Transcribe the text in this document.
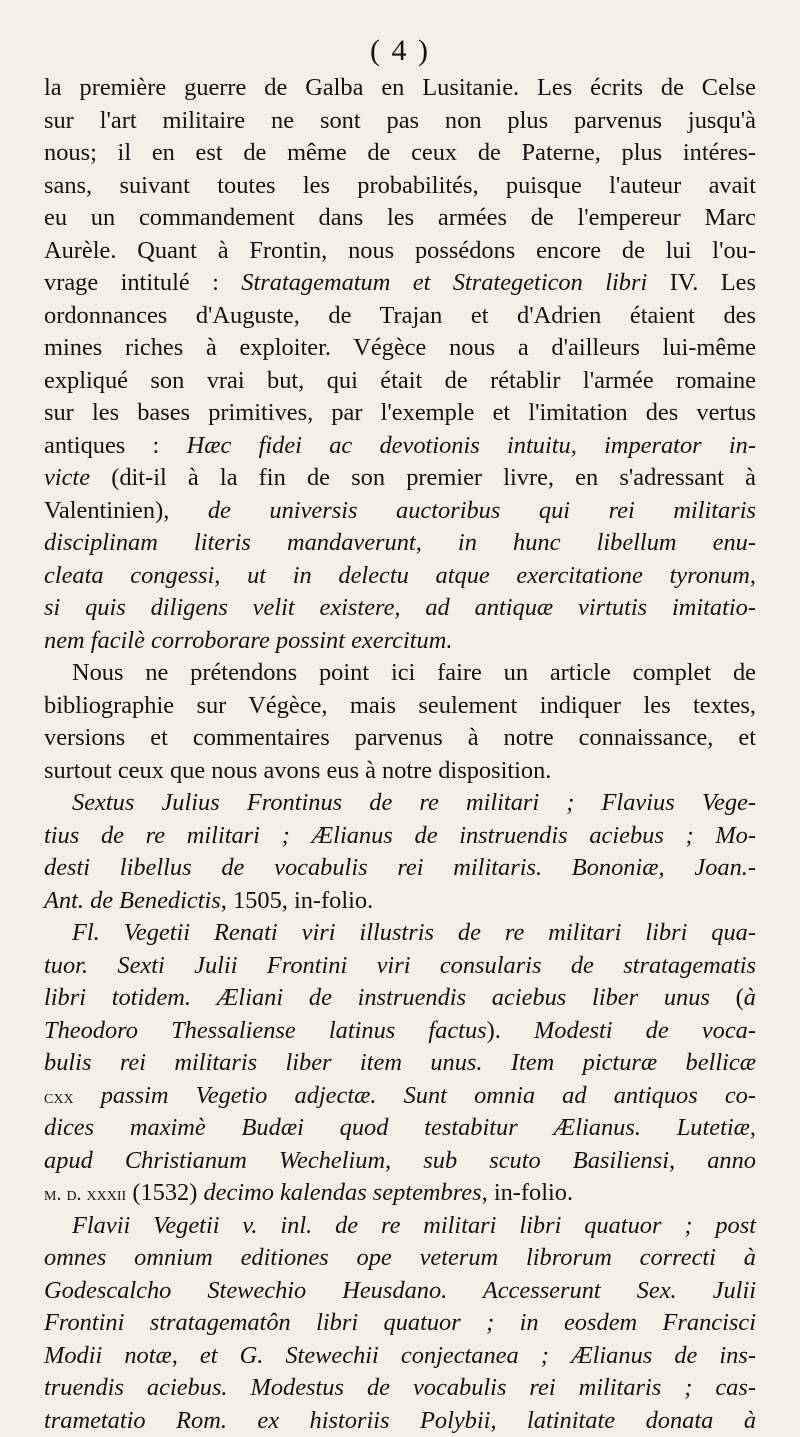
( 4 )
la première guerre de Galba en Lusitanie. Les écrits de Celse
sur l'art militaire ne sont pas non plus parvenus jusqu'à
nous; il en est de même de ceux de Paterne, plus intéres-
sans, suivant toutes les probabilités, puisque l'auteur avait
eu un commandement dans les armées de l'empereur Marc
Aurèle. Quant à Frontin, nous possédons encore de lui l'ou-
vrage intitulé : Stratagematum et Strategeticon libri IV. Les
ordonnances d'Auguste, de Trajan et d'Adrien étaient des
mines riches à exploiter. Végèce nous a d'ailleurs lui-même
expliqué son vrai but, qui était de rétablir l'armée romaine
sur les bases primitives, par l'exemple et l'imitation des vertus
antiques : Hæc fidei ac devotionis intuitu, imperator in-
victe (dit-il à la fin de son premier livre, en s'adressant à
Valentinien), de universis auctoribus qui rei militaris
disciplinam literis mandaverunt, in hunc libellum enu-
cleata congessi, ut in delectu atque exercitatione tyronum,
si quis diligens velit existere, ad antiquæ virtutis imitatio-
nem facilè corroborare possint exercitum.
Nous ne prétendons point ici faire un article complet de
bibliographie sur Végèce, mais seulement indiquer les textes,
versions et commentaires parvenus à notre connaissance, et
surtout ceux que nous avons eus à notre disposition.
Sextus Julius Frontinus de re militari ; Flavius Vege-
tius de re militari ; Ælianus de instruendis aciebus ; Mo-
desti libellus de vocabulis rei militaris. Bononiæ, Joan.-
Ant. de Benedictis, 1505, in-folio.
Fl. Vegetii Renati viri illustris de re militari libri qua-
tuor. Sexti Julii Frontini viri consularis de stratagematis
libri totidem. Æliani de instruendis aciebus liber unus (à
Theodoro Thessaliense latinus factus). Modesti de voca-
bulis rei militaris liber item unus. Item picturæ bellicæ
cxx passim Vegetio adjectæ. Sunt omnia ad antiquos co-
dices maximè Budæi quod testabitur Ælianus. Lutetiæ,
apud Christianum Wechelium, sub scuto Basiliensi, anno
m. d. xxxii (1532) decimo kalendas septembres, in-folio.
Flavii Vegetii v. inl. de re militari libri quatuor ; post
omnes omnium editiones ope veterum librorum correcti à
Godescalcho Stewechio Heusdano. Accesserunt Sex. Julii
Frontini stratagematôn libri quatuor ; in eosdem Francisci
Modii notæ, et G. Stewechii conjectanea ; Ælianus de ins-
truendis aciebus. Modestus de vocabulis rei militaris ; cas-
trametatio Rom. ex historiis Polybii, latinitate donata à
